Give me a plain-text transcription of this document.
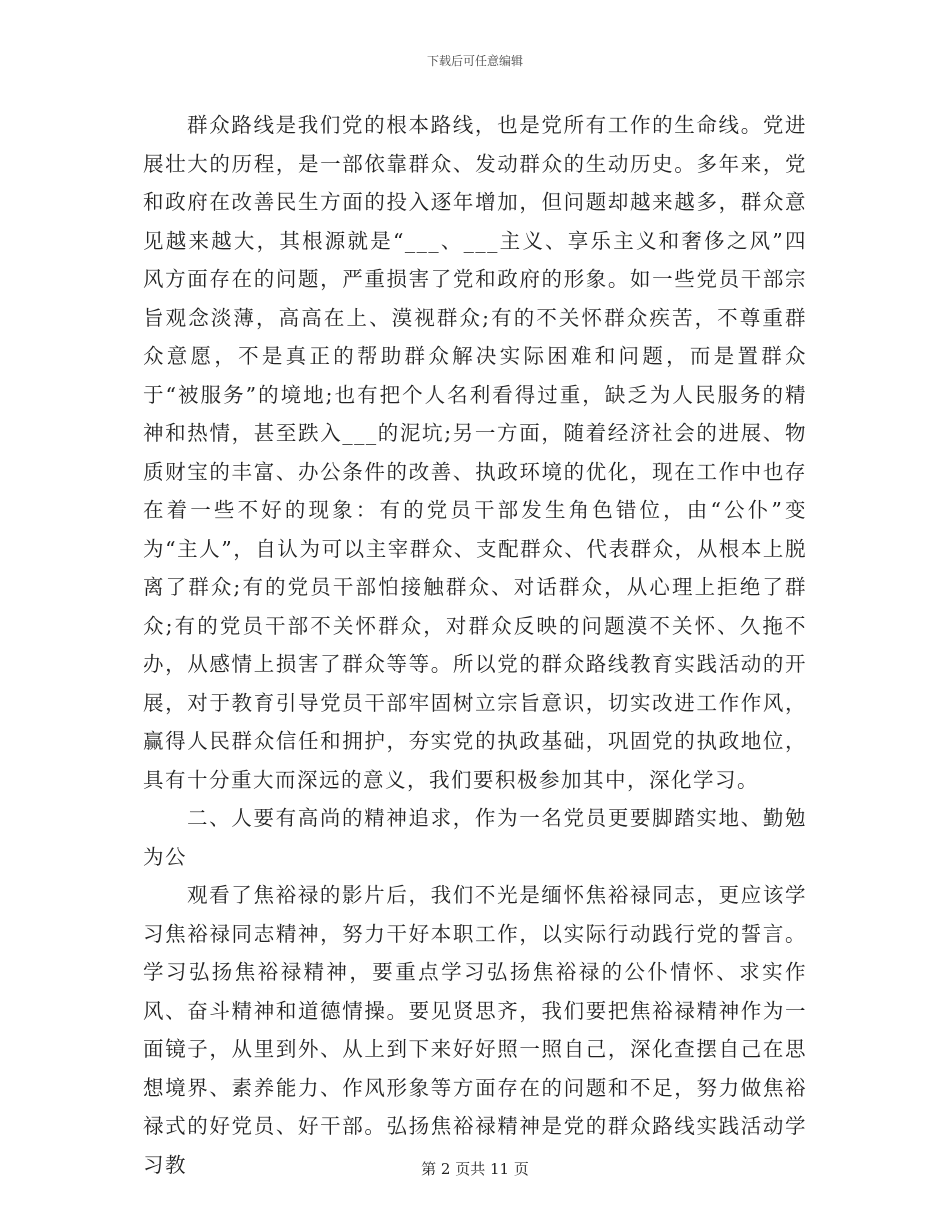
下载后可任意编辑

群众路线是我们党的根本路线，也是党所有工作的生命线。党进展壮大的历程，是一部依靠群众、发动群众的生动历史。多年来，党和政府在改善民生方面的投入逐年增加，但问题却越来越多，群众意见越来越大，其根源就是“___、___主义、享乐主义和奢侈之风”四风方面存在的问题，严重损害了党和政府的形象。如一些党员干部宗旨观念淡薄，高高在上、漠视群众;有的不关怀群众疾苦，不尊重群众意愿，不是真正的帮助群众解决实际困难和问题，而是置群众于“被服务”的境地;也有把个人名利看得过重，缺乏为人民服务的精神和热情，甚至跌入___的泥坑;另一方面，随着经济社会的进展、物质财宝的丰富、办公条件的改善、执政环境的优化，现在工作中也存在着一些不好的现象：有的党员干部发生角色错位，由“公仆”变为“主人”，自认为可以主宰群众、支配群众、代表群众，从根本上脱离了群众;有的党员干部怕接触群众、对话群众，从心理上拒绝了群众;有的党员干部不关怀群众，对群众反映的问题漠不关怀、久拖不办，从感情上损害了群众等等。所以党的群众路线教育实践活动的开展，对于教育引导党员干部牢固树立宗旨意识，切实改进工作作风，赢得人民群众信任和拥护，夯实党的执政基础，巩固党的执政地位，具有十分重大而深远的意义，我们要积极参加其中，深化学习。

二、人要有高尚的精神追求，作为一名党员更要脚踏实地、勤勉为公

观看了焦裕禄的影片后，我们不光是缅怀焦裕禄同志，更应该学习焦裕禄同志精神，努力干好本职工作，以实际行动践行党的誓言。学习弘扬焦裕禄精神，要重点学习弘扬焦裕禄的公仆情怀、求实作风、奋斗精神和道德情操。要见贤思齐，我们要把焦裕禄精神作为一面镜子，从里到外、从上到下来好好照一照自己，深化查摆自己在思想境界、素养能力、作风形象等方面存在的问题和不足，努力做焦裕禄式的好党员、好干部。弘扬焦裕禄精神是党的群众路线实践活动学习教	第 2 页共 11 页
